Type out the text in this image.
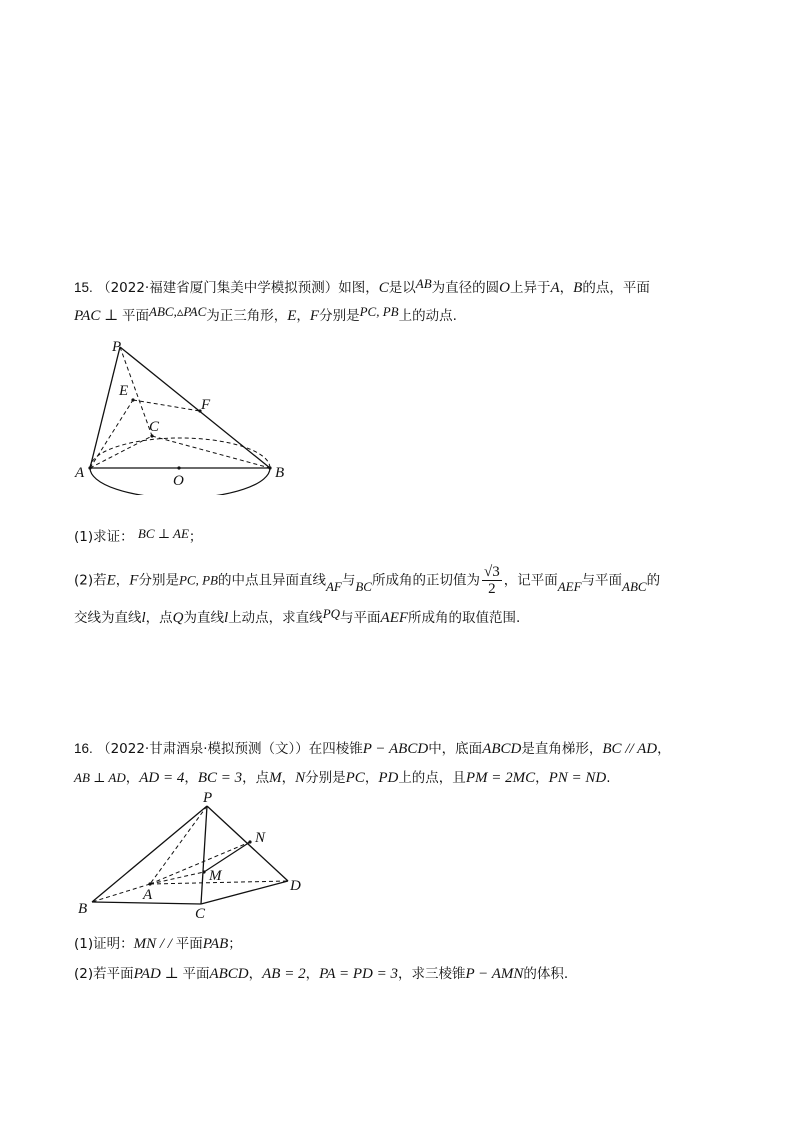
15. （2022·福建省厦门集美中学模拟预测）如图，C是以AB为直径的圆O上异于A，B的点，平面
PAC ⊥ 平面ABC,▵PAC为正三角形，E，F分别是PC, PB上的动点.
P
E
F
C
A	O	B
(1)求证： BC ⊥ AE；
(2)若E，F分别是PC, PB的中点且异面直线AF与BC所成角的正切值为 $\frac{√3}{2}$ ，记平面AEF与平面ABC的
交线为直线l，点Q为直线l上动点，求直线PQ与平面AEF所成角的取值范围.
16. （2022·甘肃酒泉·模拟预测（文））在四棱锥P − ABCD中，底面ABCD是直角梯形，BC // AD，
AB ⊥ AD，AD = 4，BC = 3，点M，N分别是PC，PD上的点，且PM = 2MC，PN = ND.
P
N
M
A
D
B	C
(1)证明：MN / / 平面PAB；
(2)若平面PAD ⊥ 平面ABCD，AB = 2，PA = PD = 3，求三棱锥P − AMN的体积.
